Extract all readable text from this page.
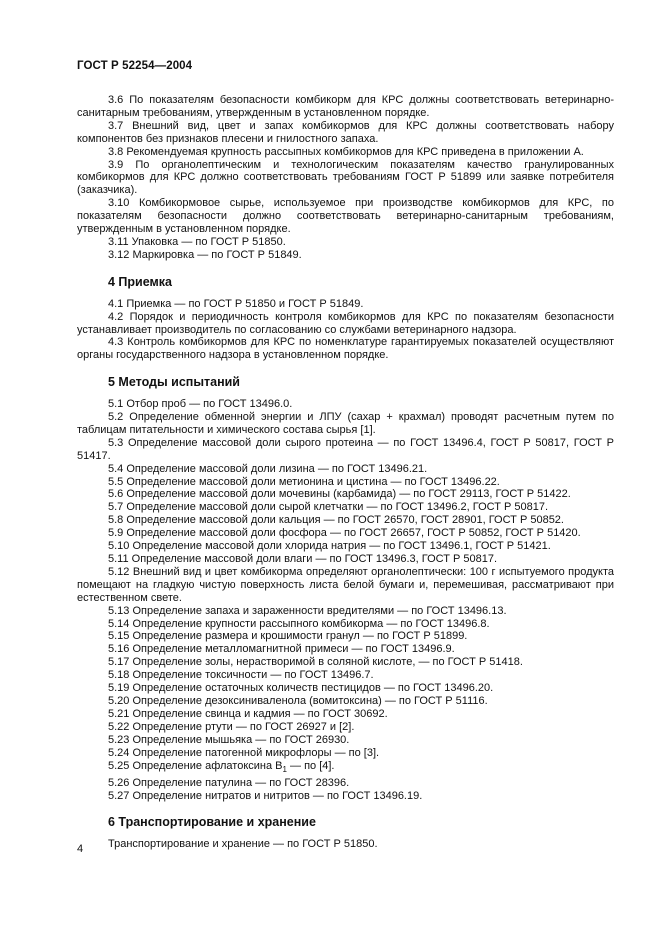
ГОСТ Р 52254—2004

3.6 По показателям безопасности комбикорм для КРС должны соответствовать ветеринарно-санитарным требованиям, утвержденным в установленном порядке.

3.7 Внешний вид, цвет и запах комбикормов для КРС должны соответствовать набору компонентов без признаков плесени и гнилостного запаха.

3.8 Рекомендуемая крупность рассыпных комбикормов для КРС приведена в приложении А.

3.9 По органолептическим и технологическим показателям качество гранулированных комбикормов для КРС должно соответствовать требованиям ГОСТ Р 51899 или заявке потребителя (заказчика).

3.10 Комбикормовое сырье, используемое при производстве комбикормов для КРС, по показателям безопасности должно соответствовать ветеринарно-санитарным требованиям, утвержденным в установленном порядке.

3.11 Упаковка — по ГОСТ Р 51850.

3.12 Маркировка — по ГОСТ Р 51849.

4 Приемка

4.1 Приемка — по ГОСТ Р 51850 и ГОСТ Р 51849.

4.2 Порядок и периодичность контроля комбикормов для КРС по показателям безопасности устанавливает производитель по согласованию со службами ветеринарного надзора.

4.3 Контроль комбикормов для КРС по номенклатуре гарантируемых показателей осуществляют органы государственного надзора в установленном порядке.

5 Методы испытаний

5.1 Отбор проб — по ГОСТ 13496.0.

5.2 Определение обменной энергии и ЛПУ (сахар + крахмал) проводят расчетным путем по таблицам питательности и химического состава сырья [1].

5.3 Определение массовой доли сырого протеина — по ГОСТ 13496.4, ГОСТ Р 50817, ГОСТ Р 51417.

5.4 Определение массовой доли лизина — по ГОСТ 13496.21.

5.5 Определение массовой доли метионина и цистина — по ГОСТ 13496.22.

5.6 Определение массовой доли мочевины (карбамида) — по ГОСТ 29113, ГОСТ Р 51422.

5.7 Определение массовой доли сырой клетчатки — по ГОСТ 13496.2, ГОСТ Р 50817.

5.8 Определение массовой доли кальция — по ГОСТ 26570, ГОСТ 28901, ГОСТ Р 50852.

5.9 Определение массовой доли фосфора — по ГОСТ 26657, ГОСТ Р 50852, ГОСТ Р 51420.

5.10 Определение массовой доли хлорида натрия — по ГОСТ 13496.1, ГОСТ Р 51421.

5.11 Определение массовой доли влаги — по ГОСТ 13496.3, ГОСТ Р 50817.

5.12 Внешний вид и цвет комбикорма определяют органолептически: 100 г испытуемого продукта помещают на гладкую чистую поверхность листа белой бумаги и, перемешивая, рассматривают при естественном свете.

5.13 Определение запаха и зараженности вредителями — по ГОСТ 13496.13.

5.14 Определение крупности рассыпного комбикорма — по ГОСТ 13496.8.

5.15 Определение размера и крошимости гранул — по ГОСТ Р 51899.

5.16 Определение металломагнитной примеси — по ГОСТ 13496.9.

5.17 Определение золы, нерастворимой в соляной кислоте, — по ГОСТ Р 51418.

5.18 Определение токсичности — по ГОСТ 13496.7.

5.19 Определение остаточных количеств пестицидов — по ГОСТ 13496.20.

5.20 Определение дезоксиниваленола (вомитоксина) — по ГОСТ Р 51116.

5.21 Определение свинца и кадмия — по ГОСТ 30692.

5.22 Определение ртути — по ГОСТ 26927 и [2].

5.23 Определение мышьяка — по ГОСТ 26930.

5.24 Определение патогенной микрофлоры — по [3].

5.25 Определение афлатоксина $В_1$ — по [4].

5.26 Определение патулина — по ГОСТ 28396.

5.27 Определение нитратов и нитритов — по ГОСТ 13496.19.

6 Транспортирование и хранение

Транспортирование и хранение — по ГОСТ Р 51850.

4
